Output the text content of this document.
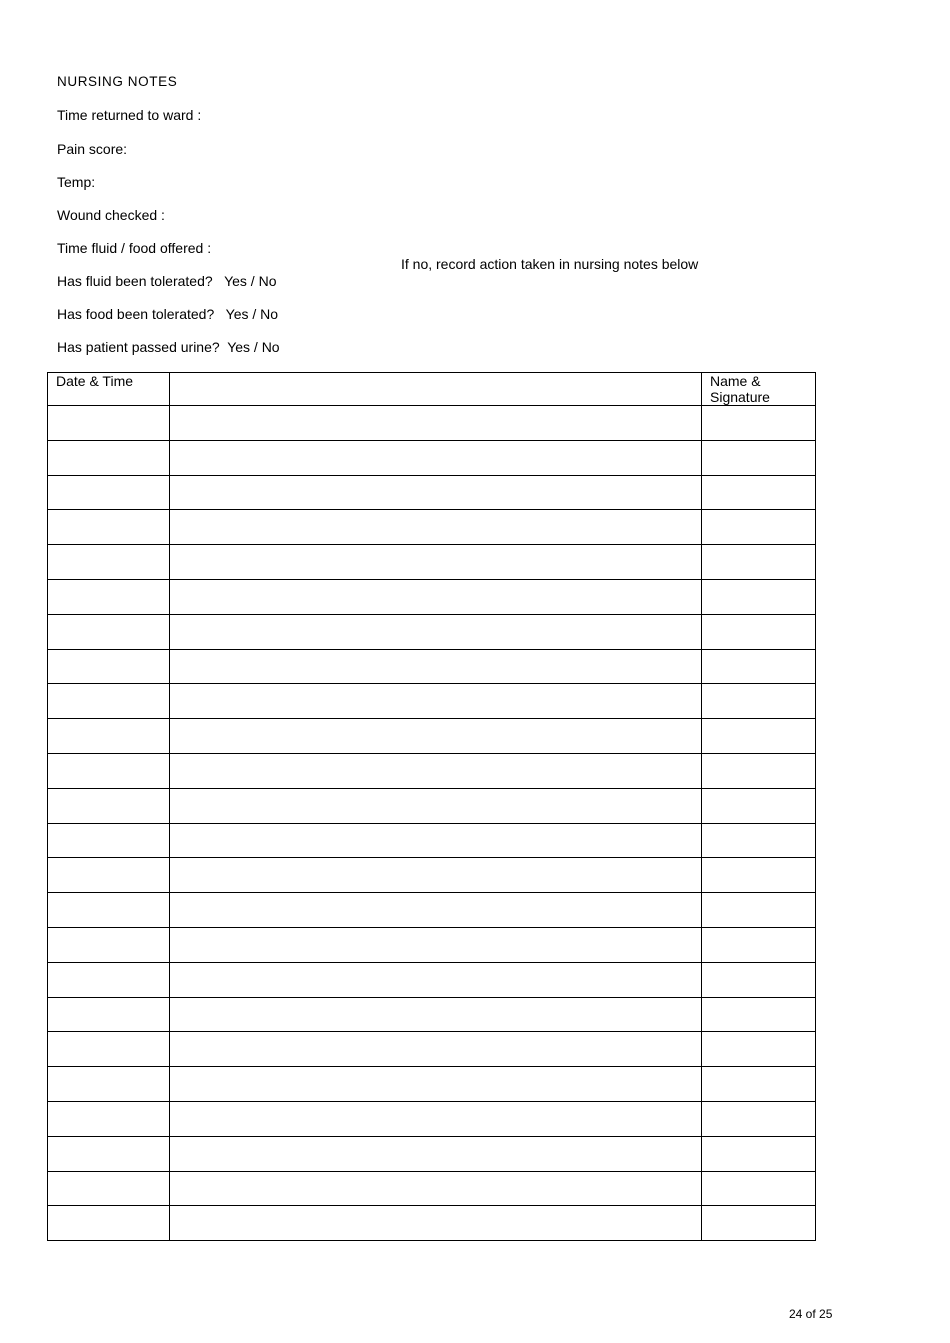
NURSING NOTES
Time returned to ward :
Pain score:
Temp:
Wound checked :
Time fluid / food offered :
Has fluid been tolerated?   Yes / No
Has food been tolerated?   Yes / No
Has patient passed urine?  Yes / No
If no, record action taken in nursing notes below
Date & Time		Name & Signature

24 of 25
